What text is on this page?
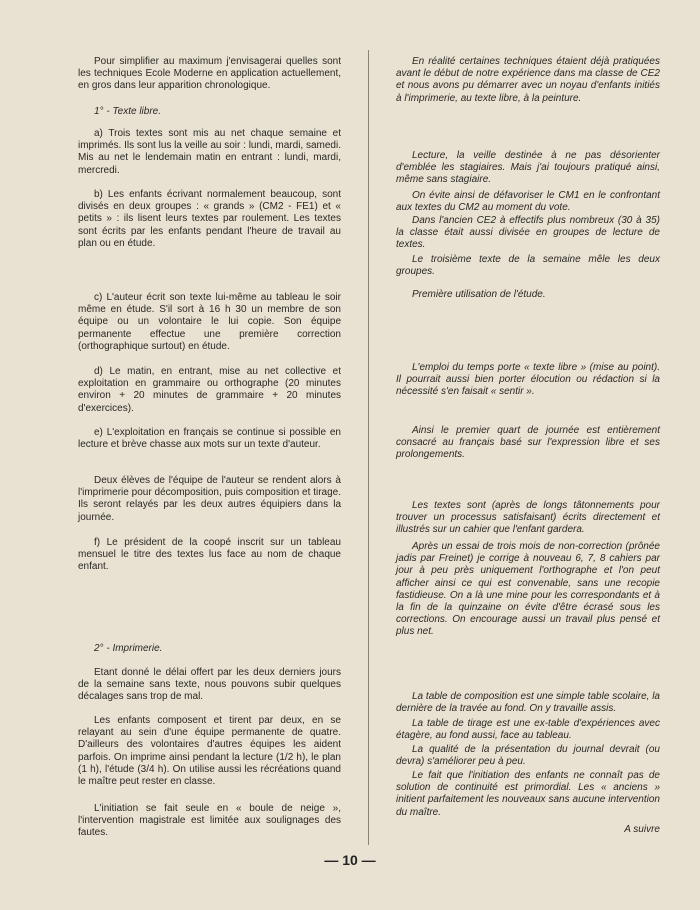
Pour simplifier au maximum j'envisagerai quelles sont les techniques Ecole Moderne en application actuellement, en gros dans leur apparition chronologique.

1° - Texte libre.

a) Trois textes sont mis au net chaque semaine et imprimés. Ils sont lus la veille au soir : lundi, mardi, samedi. Mis au net le lendemain matin en entrant : lundi, mardi, mercredi.

b) Les enfants écrivant normalement beaucoup, sont divisés en deux groupes : « grands » (CM2 - FE1) et « petits » : ils lisent leurs textes par roulement. Les textes sont écrits par les enfants pendant l'heure de travail au plan ou en étude.

c) L'auteur écrit son texte lui-même au tableau le soir même en étude. S'il sort à 16 h 30 un membre de son équipe ou un volontaire le lui copie. Son équipe permanente effectue une première correction (orthographique surtout) en étude.

d) Le matin, en entrant, mise au net collective et exploitation en grammaire ou orthographe (20 minutes environ + 20 minutes de grammaire + 20 minutes d'exercices).

e) L'exploitation en français se continue si possible en lecture et brève chasse aux mots sur un texte d'auteur.

Deux élèves de l'équipe de l'auteur se rendent alors à l'imprimerie pour décomposition, puis composition et tirage. Ils seront relayés par les deux autres équipiers dans la journée.

f) Le président de la coopé inscrit sur un tableau mensuel le titre des textes lus face au nom de chaque enfant.

2° - Imprimerie.

Etant donné le délai offert par les deux derniers jours de la semaine sans texte, nous pouvons subir quelques décalages sans trop de mal.

Les enfants composent et tirent par deux, en se relayant au sein d'une équipe permanente de quatre. D'ailleurs des volontaires d'autres équipes les aident parfois. On imprime ainsi pendant la lecture (1/2 h), le plan (1 h), l'étude (3/4 h). On utilise aussi les récréations quand le maître peut rester en classe.

L'initiation se fait seule en « boule de neige », l'intervention magistrale est limitée aux soulignages des fautes.

En réalité certaines techniques étaient déjà pratiquées avant le début de notre expérience dans ma classe de CE2 et nous avons pu démarrer avec un noyau d'enfants initiés à l'imprimerie, au texte libre, à la peinture.

Lecture, la veille destinée à ne pas désorienter d'emblée les stagiaires. Mais j'ai toujours pratiqué ainsi, même sans stagiaire.

On évite ainsi de défavoriser le CM1 en le confrontant aux textes du CM2 au moment du vote.

Dans l'ancien CE2 à effectifs plus nombreux (30 à 35) la classe était aussi divisée en groupes de lecture de textes.

Le troisième texte de la semaine mêle les deux groupes.

Première utilisation de l'étude.

L'emploi du temps porte « texte libre » (mise au point). Il pourrait aussi bien porter élocution ou rédaction si la nécessité s'en faisait « sentir ».

Ainsi le premier quart de journée est entièrement consacré au français basé sur l'expression libre et ses prolongements.

Les textes sont (après de longs tâtonnements pour trouver un processus satisfaisant) écrits directement et illustrés sur un cahier que l'enfant gardera.

Après un essai de trois mois de non-correction (prônée jadis par Freinet) je corrige à nouveau 6, 7, 8 cahiers par jour à peu près uniquement l'orthographe et l'on peut afficher ainsi ce qui est convenable, sans une recopie fastidieuse. On a là une mine pour les correspondants et à la fin de la quinzaine on évite d'être écrasé sous les corrections. On encourage aussi un travail plus pensé et plus net.

La table de composition est une simple table scolaire, la dernière de la travée au fond. On y travaille assis.

La table de tirage est une ex-table d'expériences avec étagère, au fond aussi, face au tableau.

La qualité de la présentation du journal devrait (ou devra) s'améliorer peu à peu.

Le fait que l'initiation des enfants ne connaît pas de solution de continuité est primordial. Les « anciens » initient parfaitement les nouveaux sans aucune intervention du maître.

A suivre

— 10 —
